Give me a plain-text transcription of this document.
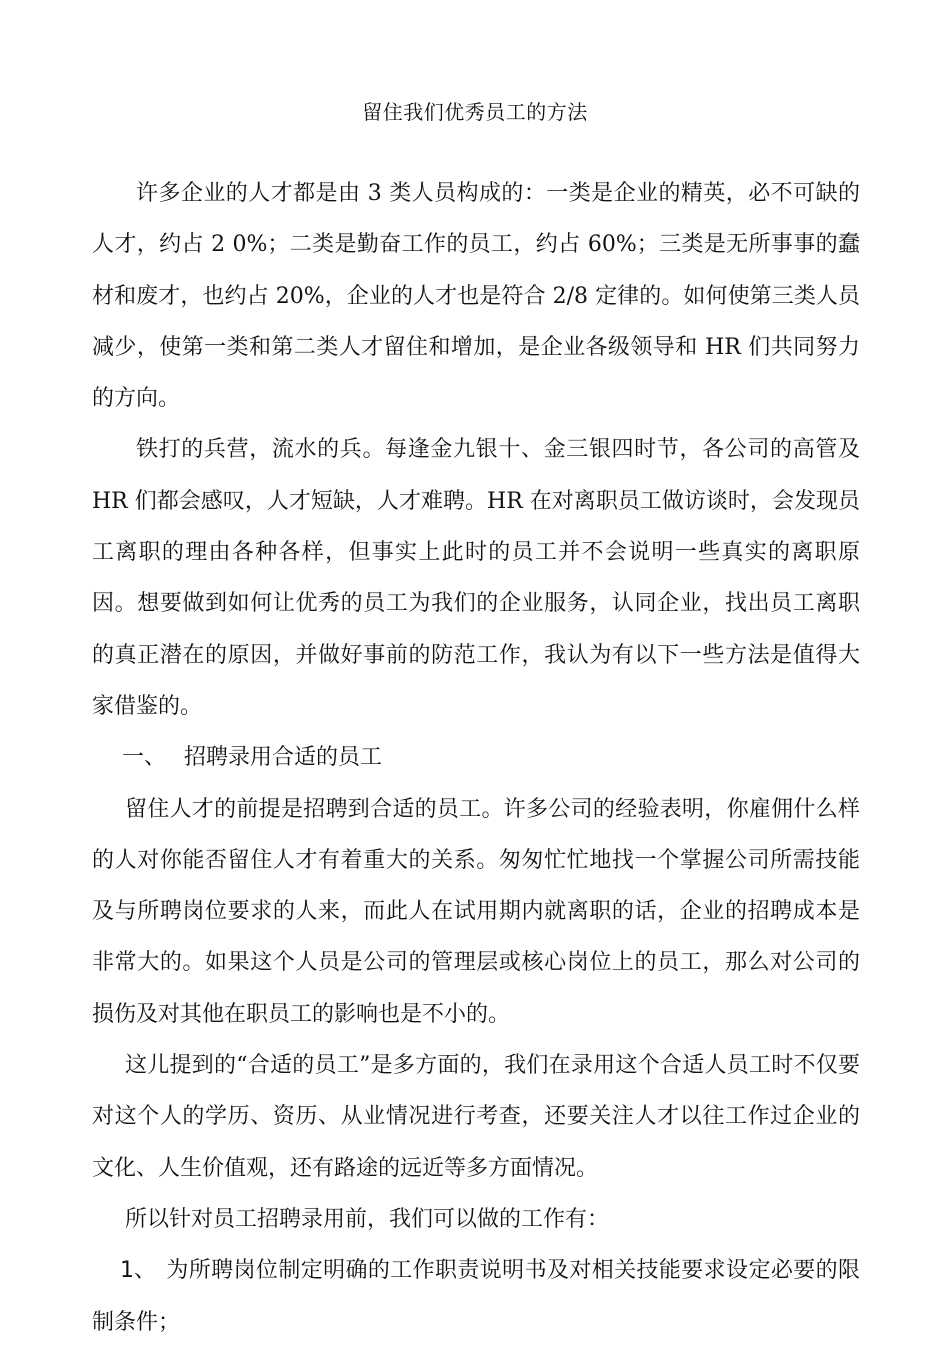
留住我们优秀员工的方法

许多企业的人才都是由 3 类人员构成的：一类是企业的精英，必不可缺的人才，约占 2 0%；二类是勤奋工作的员工，约占 60%；三类是无所事事的蠢材和废才，也约占 20%，企业的人才也是符合 2/8 定律的。如何使第三类人员减少，使第一类和第二类人才留住和增加，是企业各级领导和 HR 们共同努力的方向。

铁打的兵营，流水的兵。每逢金九银十、金三银四时节，各公司的高管及 HR 们都会感叹，人才短缺，人才难聘。HR 在对离职员工做访谈时，会发现员工离职的理由各种各样，但事实上此时的员工并不会说明一些真实的离职原因。想要做到如何让优秀的员工为我们的企业服务，认同企业，找出员工离职的真正潜在的原因，并做好事前的防范工作，我认为有以下一些方法是值得大家借鉴的。

一、 招聘录用合适的员工

留住人才的前提是招聘到合适的员工。许多公司的经验表明，你雇佣什么样的人对你能否留住人才有着重大的关系。匆匆忙忙地找一个掌握公司所需技能及与所聘岗位要求的人来，而此人在试用期内就离职的话，企业的招聘成本是非常大的。如果这个人员是公司的管理层或核心岗位上的员工，那么对公司的损伤及对其他在职员工的影响也是不小的。

这儿提到的“合适的员工”是多方面的，我们在录用这个合适人员工时不仅要对这个人的学历、资历、从业情况进行考查，还要关注人才以往工作过企业的文化、人生价值观，还有路途的远近等多方面情况。

所以针对员工招聘录用前，我们可以做的工作有：

1、 为所聘岗位制定明确的工作职责说明书及对相关技能要求设定必要的限制条件；
